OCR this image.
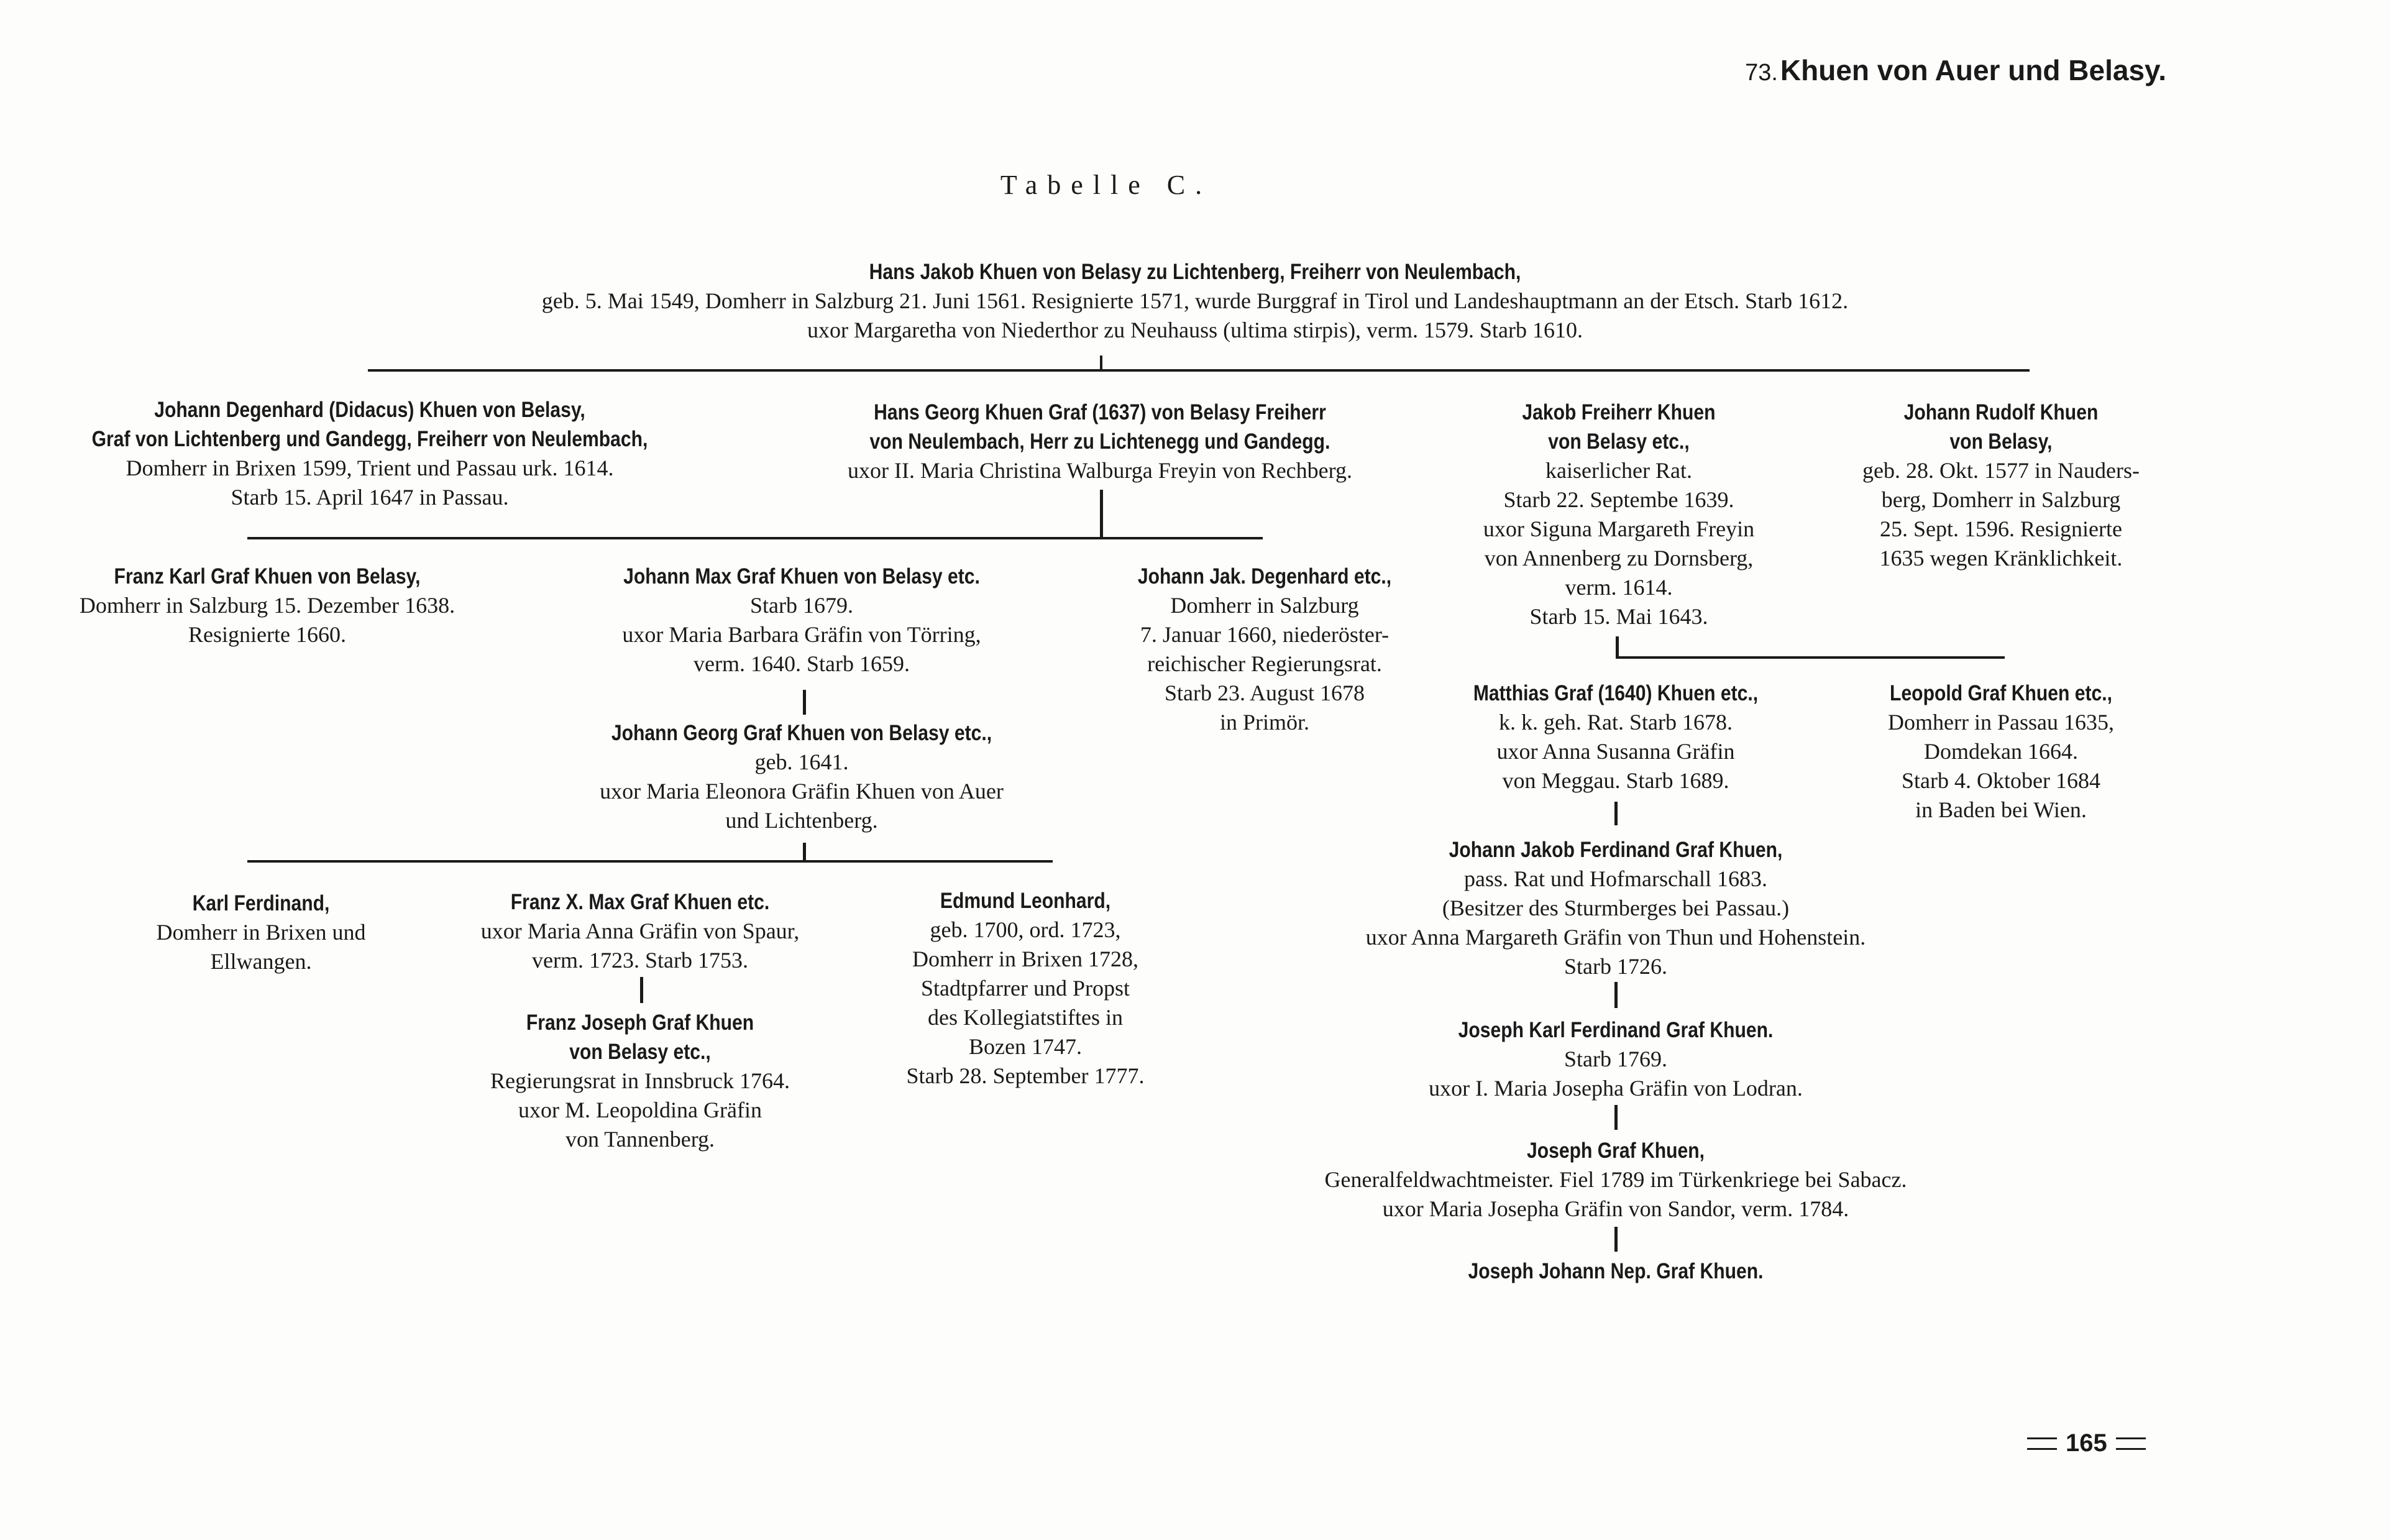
73. Khuen von Auer und Belasy.
Tabelle C.
Hans Jakob Khuen von Belasy zu Lichtenberg, Freiherr von Neulembach,
geb. 5. Mai 1549, Domherr in Salzburg 21. Juni 1561. Resignierte 1571, wurde Burggraf in Tirol und Landeshauptmann an der Etsch. Starb 1612.
uxor Margaretha von Niederthor zu Neuhauss (ultima stirpis), verm. 1579. Starb 1610.
Johann Degenhard (Didacus) Khuen von Belasy,
Graf von Lichtenberg und Gandegg, Freiherr von Neulembach,
Domherr in Brixen 1599, Trient und Passau urk. 1614.
Starb 15. April 1647 in Passau.
Hans Georg Khuen Graf (1637) von Belasy Freiherr
von Neulembach, Herr zu Lichtenegg und Gandegg.
uxor II. Maria Christina Walburga Freyin von Rechberg.
Jakob Freiherr Khuen
von Belasy etc.,
kaiserlicher Rat.
Starb 22. Septembe 1639.
uxor Siguna Margareth Freyin
von Annenberg zu Dornsberg,
verm. 1614.
Starb 15. Mai 1643.
Johann Rudolf Khuen
von Belasy,
geb. 28. Okt. 1577 in Nauders-
berg, Domherr in Salzburg
25. Sept. 1596. Resignierte
1635 wegen Kränklichkeit.
Franz Karl Graf Khuen von Belasy,
Domherr in Salzburg 15. Dezember 1638.
Resignierte 1660.
Johann Max Graf Khuen von Belasy etc.
Starb 1679.
uxor Maria Barbara Gräfin von Törring,
verm. 1640. Starb 1659.
Johann Jak. Degenhard etc.,
Domherr in Salzburg
7. Januar 1660, niederöster-
reichischer Regierungsrat.
Starb 23. August 1678
in Primör.
Matthias Graf (1640) Khuen etc.,
k. k. geh. Rat. Starb 1678.
uxor Anna Susanna Gräfin
von Meggau. Starb 1689.
Leopold Graf Khuen etc.,
Domherr in Passau 1635,
Domdekan 1664.
Starb 4. Oktober 1684
in Baden bei Wien.
Johann Georg Graf Khuen von Belasy etc.,
geb. 1641.
uxor Maria Eleonora Gräfin Khuen von Auer
und Lichtenberg.
Karl Ferdinand,
Domherr in Brixen und
Ellwangen.
Franz X. Max Graf Khuen etc.
uxor Maria Anna Gräfin von Spaur,
verm. 1723. Starb 1753.
Edmund Leonhard,
geb. 1700, ord. 1723,
Domherr in Brixen 1728,
Stadtpfarrer und Propst
des Kollegiatstiftes in
Bozen 1747.
Starb 28. September 1777.
Franz Joseph Graf Khuen
von Belasy etc.,
Regierungsrat in Innsbruck 1764.
uxor M. Leopoldina Gräfin
von Tannenberg.
Johann Jakob Ferdinand Graf Khuen,
pass. Rat und Hofmarschall 1683.
(Besitzer des Sturmberges bei Passau.)
uxor Anna Margareth Gräfin von Thun und Hohenstein.
Starb 1726.
Joseph Karl Ferdinand Graf Khuen.
Starb 1769.
uxor I. Maria Josepha Gräfin von Lodran.
Joseph Graf Khuen,
Generalfeldwachtmeister. Fiel 1789 im Türkenkriege bei Sabacz.
uxor Maria Josepha Gräfin von Sandor, verm. 1784.
Joseph Johann Nep. Graf Khuen.
165
